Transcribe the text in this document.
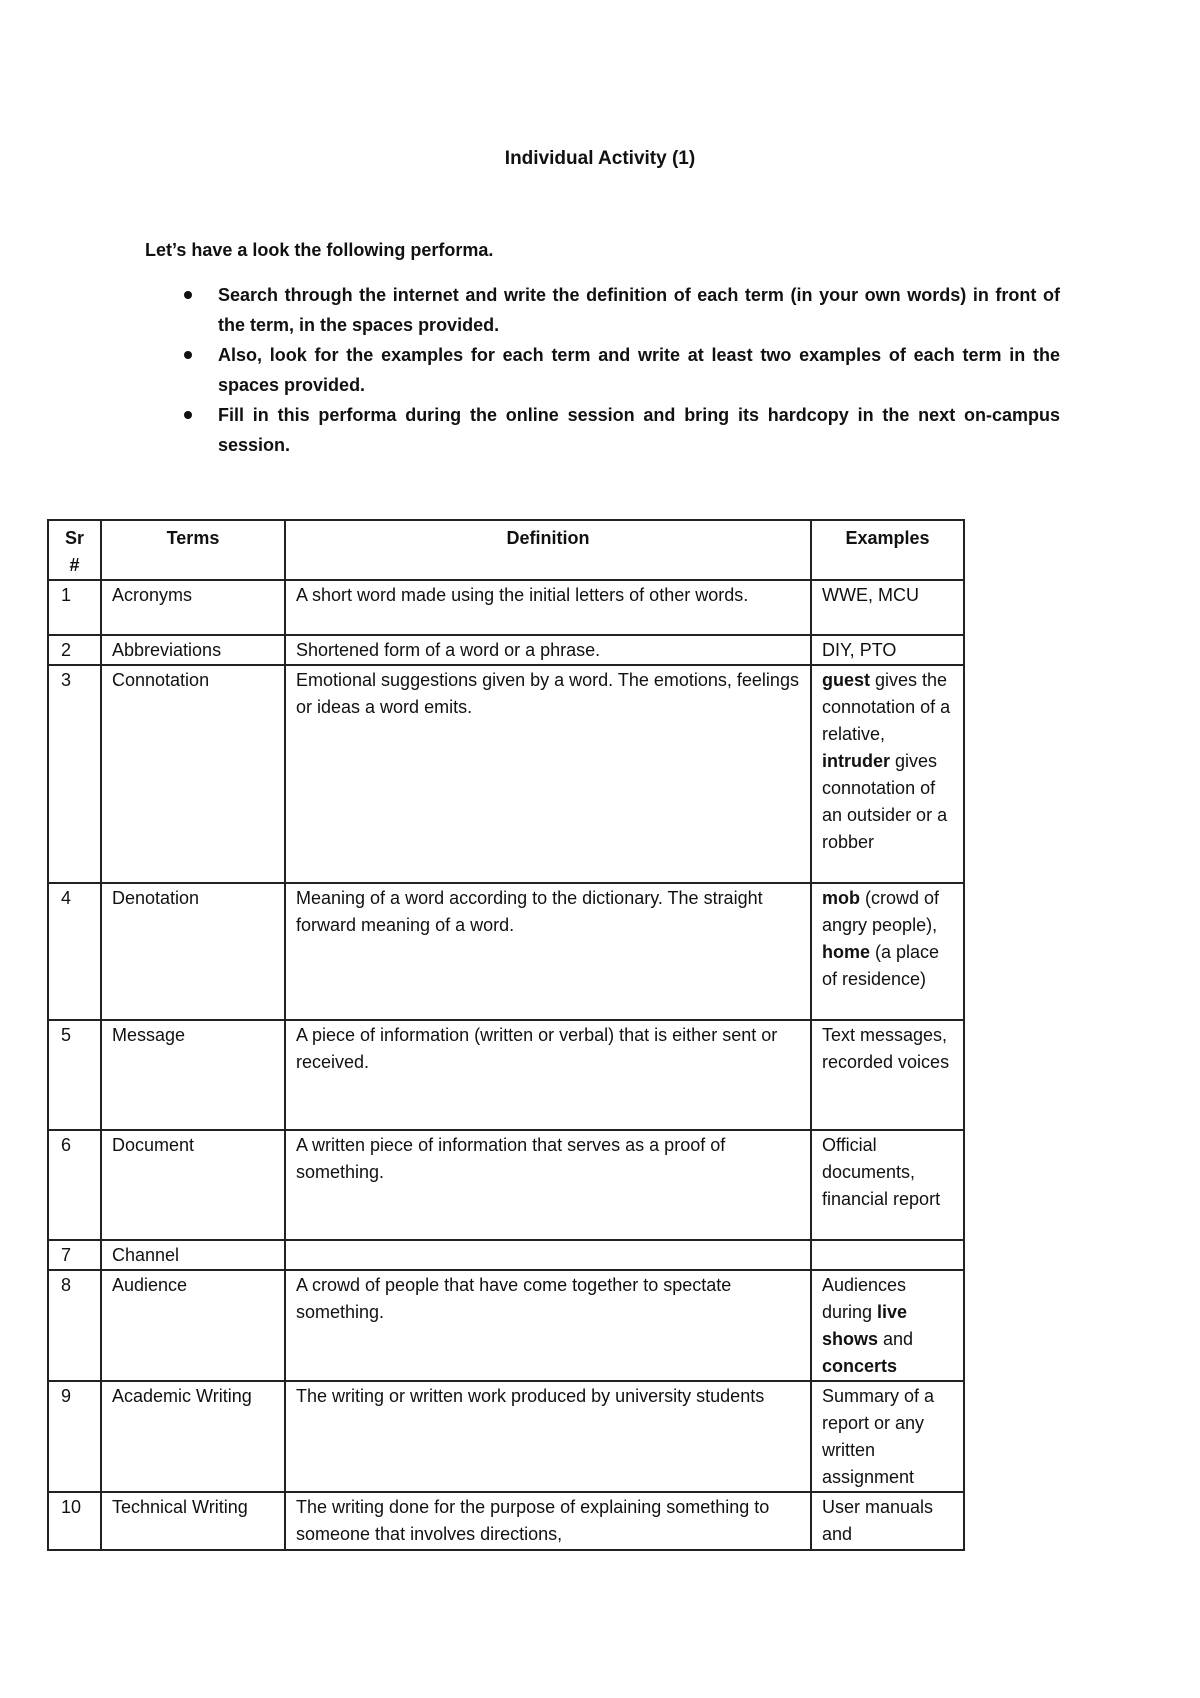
Individual Activity (1)
Let’s have a look the following performa.
Search through the internet and write the definition of each term (in your own words) in front of the term, in the spaces provided.
Also, look for the examples for each term and write at least two examples of each term in the spaces provided.
Fill in this performa during the online session and bring its hardcopy in the next on-campus session.
Sr #	Terms	Definition	Examples
1	Acronyms	A short word made using the initial letters of other words.	WWE, MCU
2	Abbreviations	Shortened form of a word or a phrase.	DIY, PTO
3	Connotation	Emotional suggestions given by a word. The emotions, feelings or ideas a word emits.	guest gives the connotation of a relative, intruder gives connotation of an outsider or a robber
4	Denotation	Meaning of a word according to the dictionary. The straight forward meaning of a word.	mob (crowd of angry people), home (a place of residence)
5	Message	A piece of information (written or verbal) that is either sent or received.	Text messages, recorded voices
6	Document	A written piece of information that serves as a proof of something.	Official documents, financial report
7	Channel		
8	Audience	A crowd of people that have come together to spectate something.	Audiences during live shows and concerts
9	Academic Writing	The writing or written work produced by university students	Summary of a report or any written assignment
10	Technical Writing	The writing done for the purpose of explaining something to someone that involves directions,	User manuals and
